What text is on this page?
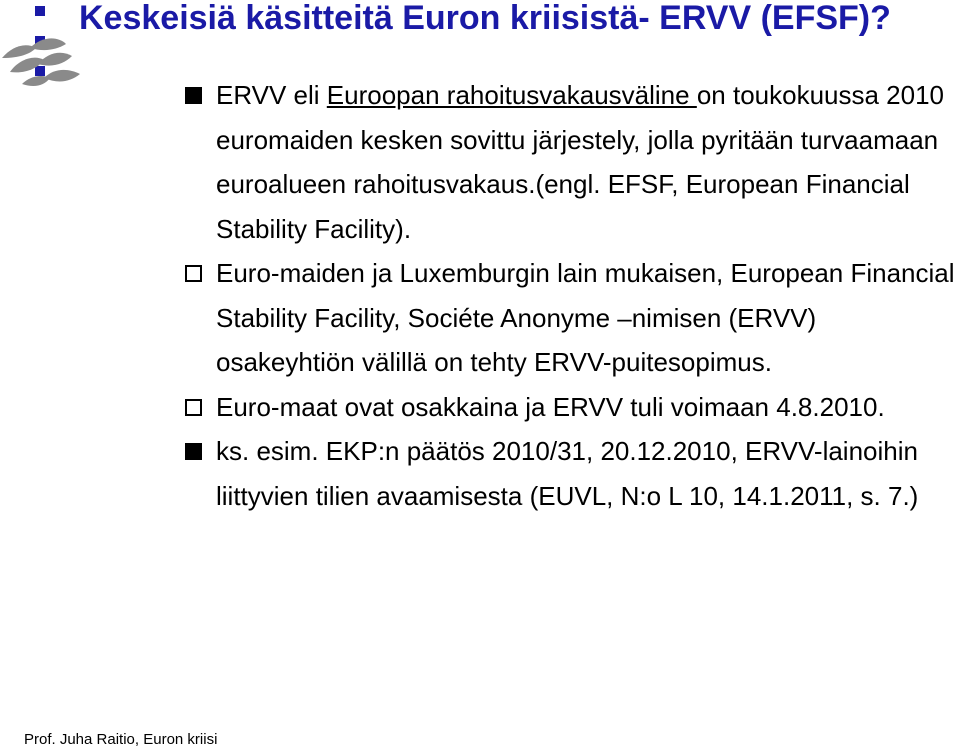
Keskeisiä käsitteitä Euron kriisistä- ERVV (EFSF)?
ERVV eli Euroopan rahoitusvakausväline on toukokuussa 2010 euromaiden kesken sovittu järjestely, jolla pyritään turvaamaan euroalueen rahoitusvakaus.(engl. EFSF, European Financial Stability Facility).
Euro-maiden ja Luxemburgin lain mukaisen, European Financial Stability Facility, Sociéte Anonyme –nimisen (ERVV) osakeyhtiön välillä on tehty ERVV-puitesopimus.
Euro-maat ovat osakkaina ja ERVV tuli voimaan 4.8.2010.
ks. esim. EKP:n päätös 2010/31, 20.12.2010, ERVV-lainoihin liittyvien tilien avaamisesta (EUVL, N:o L 10, 14.1.2011, s. 7.)
Prof. Juha Raitio, Euron kriisi
